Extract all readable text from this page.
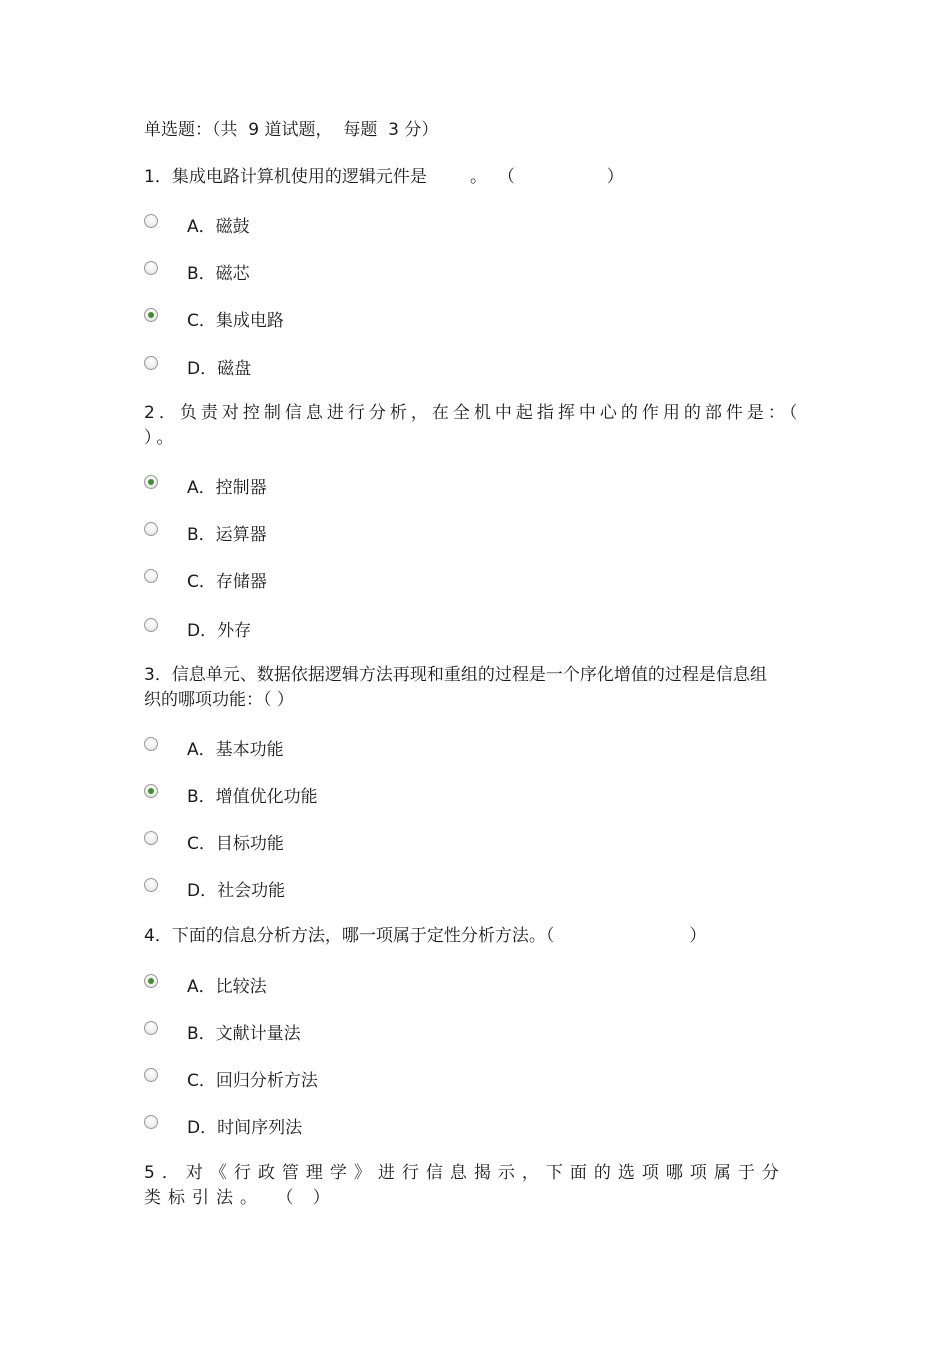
单选题：（共  9 道试题，  每题  3 分）
1．集成电路计算机使用的逻辑元件是        。  （                 ）
A．磁鼓
B．磁芯
C．集成电路
D．磁盘
2．负责对控制信息进行分析，在全机中起指挥中心的作用的部件是：（ ）。
A．控制器
B．运算器
C．存储器
D．外存
3．信息单元、数据依据逻辑方法再现和重组的过程是一个序化增值的过程是信息组织的哪项功能：（ ）
A．基本功能
B．增值优化功能
C．目标功能
D．社会功能
4．下面的信息分析方法，哪一项属于定性分析方法。（                         ）
A．比较法
B．文献计量法
C．回归分析方法
D．时间序列法
5．对《行政管理学》进行信息揭示，下面的选项哪项属于分类标引法。 （ ）
